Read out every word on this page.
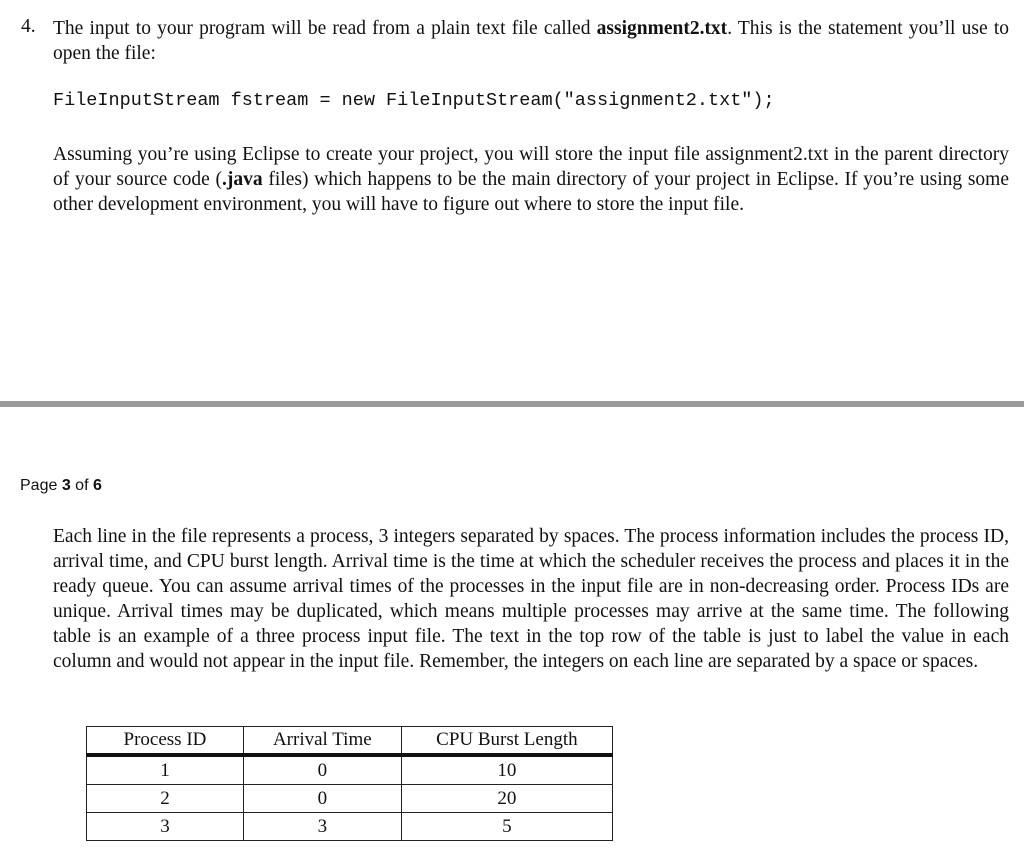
4. The input to your program will be read from a plain text file called assignment2.txt. This is the statement you’ll use to open the file:

FileInputStream fstream = new FileInputStream("assignment2.txt");

Assuming you’re using Eclipse to create your project, you will store the input file assignment2.txt in the parent directory of your source code (.java files) which happens to be the main directory of your project in Eclipse. If you’re using some other development environment, you will have to figure out where to store the input file.

Page 3 of 6

Each line in the file represents a process, 3 integers separated by spaces. The process information includes the process ID, arrival time, and CPU burst length. Arrival time is the time at which the scheduler receives the process and places it in the ready queue. You can assume arrival times of the processes in the input file are in non-decreasing order. Process IDs are unique. Arrival times may be duplicated, which means multiple processes may arrive at the same time. The following table is an example of a three process input file. The text in the top row of the table is just to label the value in each column and would not appear in the input file. Remember, the integers on each line are separated by a space or spaces.

Process ID	Arrival Time	CPU Burst Length
1	0	10
2	0	20
3	3	5
